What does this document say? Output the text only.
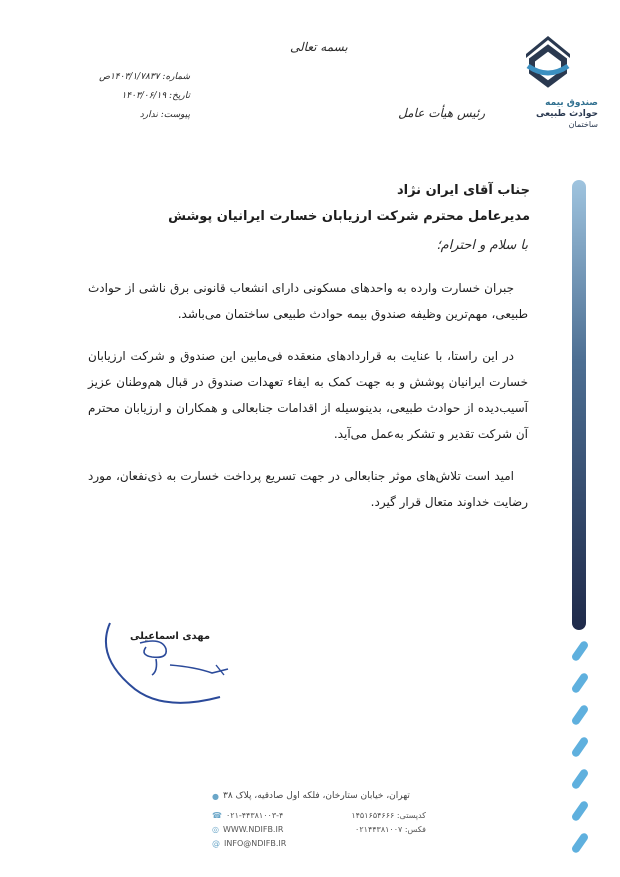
بسمه تعالی
صندوق بیمه
حوادث طبیعی
ساختمان
رئیس هیأت عامل
شماره: ۱۴۰۳/۱/۷۸۳۷ص
تاریخ: ۱۴۰۳/۰۶/۱۹
پیوست: ندارد
جناب آقای ایران نژاد
مدیرعامل محترم شرکت ارزیابان خسارت ایرانیان پوشش
با سلام و احترام؛

جبران خسارت وارده به واحدهای مسکونی دارای انشعاب قانونی برق ناشی از حوادث طبیعی، مهم‌ترین وظیفه صندوق بیمه حوادث طبیعی ساختمان می‌باشد.

در این راستا، با عنایت به قراردادهای منعقده فی‌مابین این صندوق و شرکت ارزیابان خسارت ایرانیان پوشش و به جهت کمک به ایفاء تعهدات صندوق در قبال هم‌وطنان عزیز آسیب‌دیده از حوادث طبیعی، بدینوسیله از اقدامات جنابعالی و همکاران و ارزیابان محترم آن شرکت تقدیر و تشکر به‌عمل می‌آید.

امید است تلاش‌های موثر جنابعالی در جهت تسریع پرداخت خسارت به ذی‌نفعان، مورد رضایت خداوند متعال قرار گیرد.

مهدی اسماعیلی
تهران، خیابان ستارخان، فلکه اول صادقیه، پلاک ۳۸
●
☎ ۰۲۱-۴۴۳۸۱۰۰۳-۴
◎ WWW.NDIFB.IR
@ INFO@NDIFB.IR
کدپستی: ۱۴۵۱۶۵۴۶۶۶
فکس: ۰۲۱۴۴۳۸۱۰۰۷
